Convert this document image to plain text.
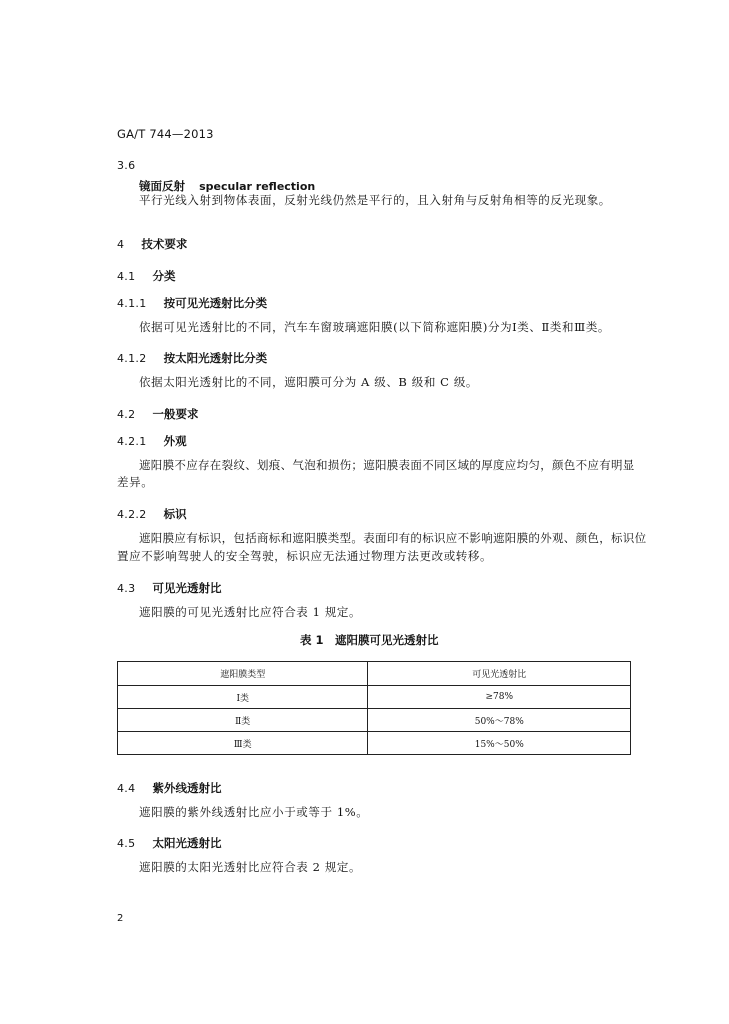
GA/T 744—2013
3.6
镜面反射 specular reflection
平行光线入射到物体表面，反射光线仍然是平行的，且入射角与反射角相等的反光现象。
4 技术要求
4.1 分类
4.1.1 按可见光透射比分类
依据可见光透射比的不同，汽车车窗玻璃遮阳膜(以下简称遮阳膜)分为Ⅰ类、Ⅱ类和Ⅲ类。
4.1.2 按太阳光透射比分类
依据太阳光透射比的不同，遮阳膜可分为 A 级、B 级和 C 级。
4.2 一般要求
4.2.1 外观
遮阳膜不应存在裂纹、划痕、气泡和损伤；遮阳膜表面不同区域的厚度应均匀，颜色不应有明显
差异。
4.2.2 标识
遮阳膜应有标识，包括商标和遮阳膜类型。表面印有的标识应不影响遮阳膜的外观、颜色，标识位
置应不影响驾驶人的安全驾驶，标识应无法通过物理方法更改或转移。
4.3 可见光透射比
遮阳膜的可见光透射比应符合表 1 规定。
表 1　遮阳膜可见光透射比
遮阳膜类型	可见光透射比
Ⅰ类	≥78%
Ⅱ类	50%～78%
Ⅲ类	15%～50%
4.4 紫外线透射比
遮阳膜的紫外线透射比应小于或等于 1%。
4.5 太阳光透射比
遮阳膜的太阳光透射比应符合表 2 规定。
2
